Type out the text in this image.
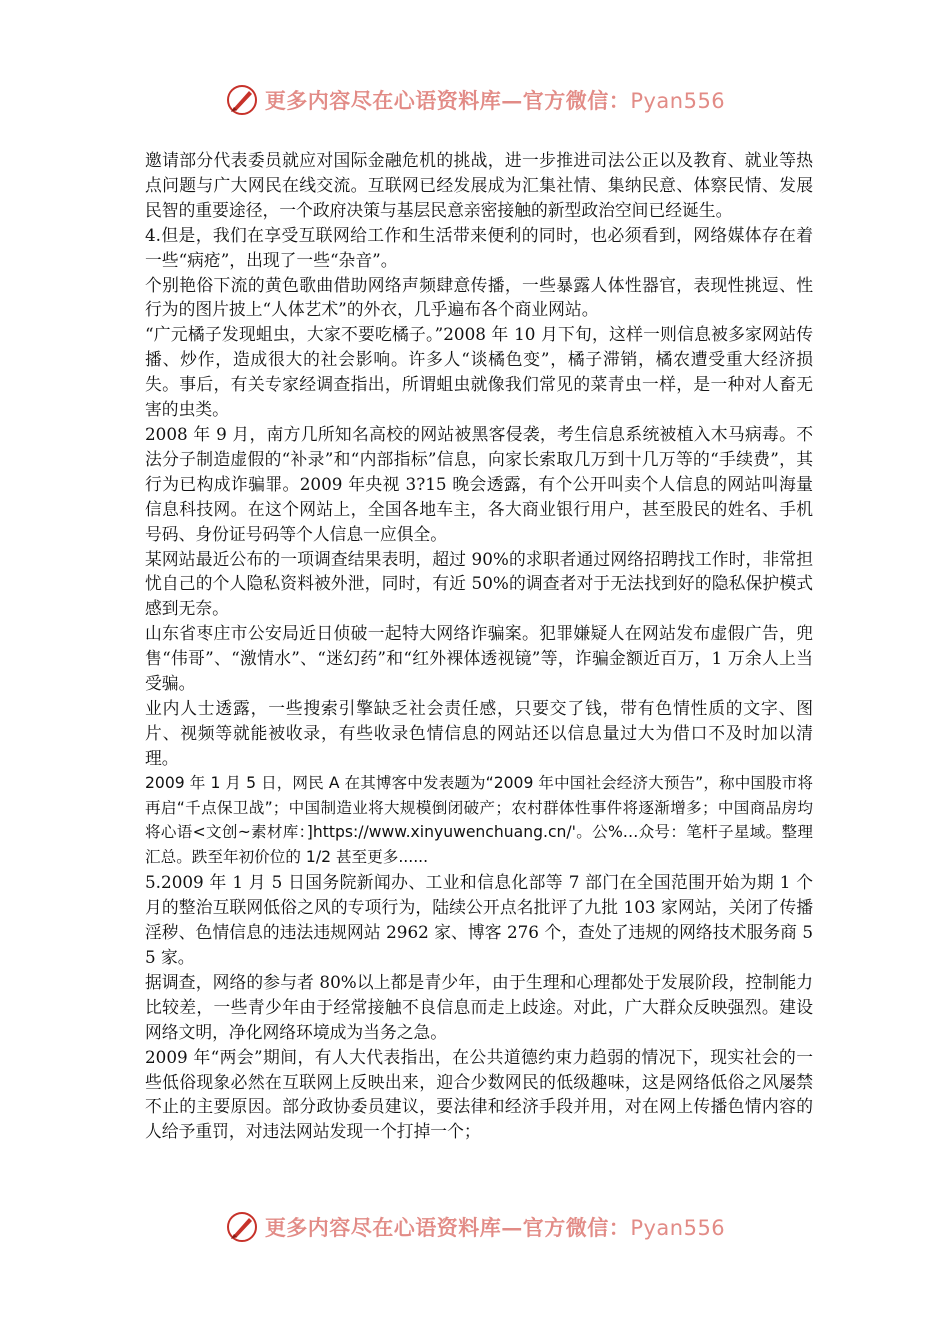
更多内容尽在心语资料库—官方微信：Pyan556

邀请部分代表委员就应对国际金融危机的挑战，进一步推进司法公正以及教育、就业等热点问题与广大网民在线交流。互联网已经发展成为汇集社情、集纳民意、体察民情、发展民智的重要途径，一个政府决策与基层民意亲密接触的新型政治空间已经诞生。

4.但是，我们在享受互联网给工作和生活带来便利的同时，也必须看到，网络媒体存在着一些“病疮”，出现了一些“杂音”。

个别艳俗下流的黄色歌曲借助网络声频肆意传播，一些暴露人体性器官，表现性挑逗、性行为的图片披上“人体艺术”的外衣，几乎遍布各个商业网站。

“广元橘子发现蛆虫，大家不要吃橘子。”2008 年 10 月下旬，这样一则信息被多家网站传播、炒作，造成很大的社会影响。许多人“谈橘色变”，橘子滞销，橘农遭受重大经济损失。事后，有关专家经调查指出，所谓蛆虫就像我们常见的菜青虫一样，是一种对人畜无害的虫类。

2008 年 9 月，南方几所知名高校的网站被黑客侵袭，考生信息系统被植入木马病毒。不法分子制造虚假的“补录”和“内部指标”信息，向家长索取几万到十几万等的“手续费”，其行为已构成诈骗罪。2009 年央视 3?15 晚会透露，有个公开叫卖个人信息的网站叫海量信息科技网。在这个网站上，全国各地车主，各大商业银行用户，甚至股民的姓名、手机号码、身份证号码等个人信息一应俱全。

某网站最近公布的一项调查结果表明，超过 90%的求职者通过网络招聘找工作时，非常担忧自己的个人隐私资料被外泄，同时，有近 50%的调查者对于无法找到好的隐私保护模式感到无奈。

山东省枣庄市公安局近日侦破一起特大网络诈骗案。犯罪嫌疑人在网站发布虚假广告，兜售“伟哥”、“激情水”、“迷幻药”和“红外裸体透视镜”等，诈骗金额近百万，1 万余人上当受骗。

业内人士透露，一些搜索引擎缺乏社会责任感，只要交了钱，带有色情性质的文字、图片、视频等就能被收录，有些收录色情信息的网站还以信息量过大为借口不及时加以清理。

2009 年 1 月 5 日，网民 A 在其博客中发表题为“2009 年中国社会经济大预告”，称中国股市将再启“千点保卫战”；中国制造业将大规模倒闭破产；农村群体性事件将逐渐增多；中国商品房均将心语<文创~素材库：]https://www.xinyuwenchuang.cn/'。公%…众号：笔杆子星域。整理汇总。跌至年初价位的 1/2 甚至更多......

5.2009 年 1 月 5 日国务院新闻办、工业和信息化部等 7 部门在全国范围开始为期 1 个月的整治互联网低俗之风的专项行为，陆续公开点名批评了九批 103 家网站，关闭了传播淫秽、色情信息的违法违规网站 2962 家、博客 276 个，查处了违规的网络技术服务商 55 家。

据调查，网络的参与者 80%以上都是青少年，由于生理和心理都处于发展阶段，控制能力比较差，一些青少年由于经常接触不良信息而走上歧途。对此，广大群众反映强烈。建设网络文明，净化网络环境成为当务之急。

2009 年“两会”期间，有人大代表指出，在公共道德约束力趋弱的情况下，现实社会的一些低俗现象必然在互联网上反映出来，迎合少数网民的低级趣味，这是网络低俗之风屡禁不止的主要原因。部分政协委员建议，要法律和经济手段并用，对在网上传播色情内容的人给予重罚，对违法网站发现一个打掉一个；

更多内容尽在心语资料库—官方微信：Pyan556
